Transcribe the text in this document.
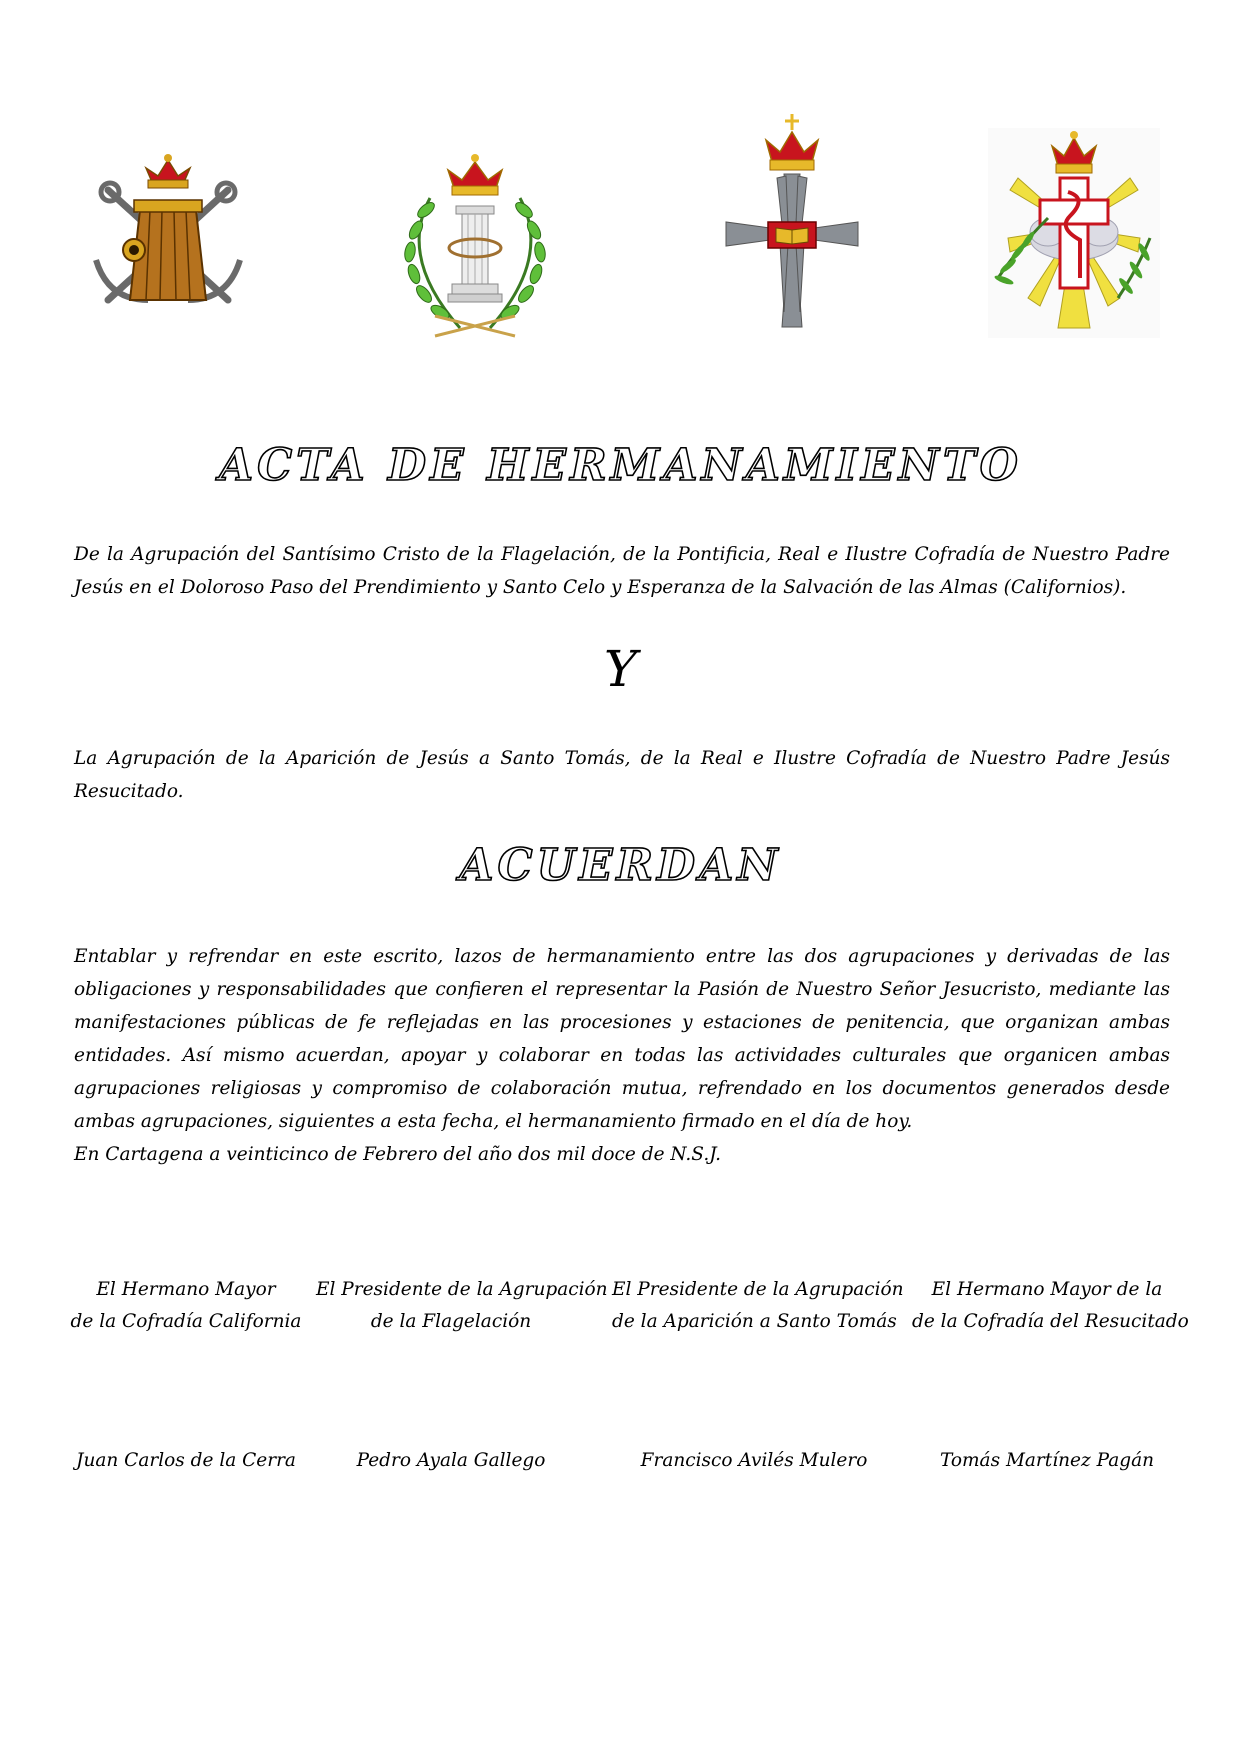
ACTA DE HERMANAMIENTO

De la Agrupación del Santísimo Cristo de la Flagelación, de la Pontificia, Real e Ilustre Cofradía de Nuestro Padre Jesús en el Doloroso Paso del Prendimiento y Santo Celo y Esperanza de la Salvación de las Almas (Californios).

Y

La Agrupación de la Aparición de Jesús a Santo Tomás, de la Real e Ilustre Cofradía de Nuestro Padre Jesús Resucitado.

ACUERDAN

Entablar y refrendar en este escrito, lazos de hermanamiento entre las dos agrupaciones y derivadas de las obligaciones y responsabilidades que confieren el representar la Pasión de Nuestro Señor Jesucristo, mediante las manifestaciones públicas de fe reflejadas en las procesiones y estaciones de penitencia, que organizan ambas entidades. Así mismo acuerdan, apoyar y colaborar en todas las actividades culturales que organicen ambas agrupaciones religiosas y compromiso de colaboración mutua, refrendado en los documentos generados desde ambas agrupaciones, siguientes a esta fecha, el hermanamiento firmado en el día de hoy.

En Cartagena a veinticinco de Febrero del año dos mil doce de N.S.J.

El Hermano Mayor
de la Cofradía California
El Presidente de la Agrupación
de la Flagelación
El Presidente de la Agrupación
de la Aparición a Santo Tomás
El Hermano Mayor de la
de la Cofradía del Resucitado

Juan Carlos de la Cerra	Pedro Ayala Gallego	Francisco Avilés Mulero	Tomás Martínez Pagán
